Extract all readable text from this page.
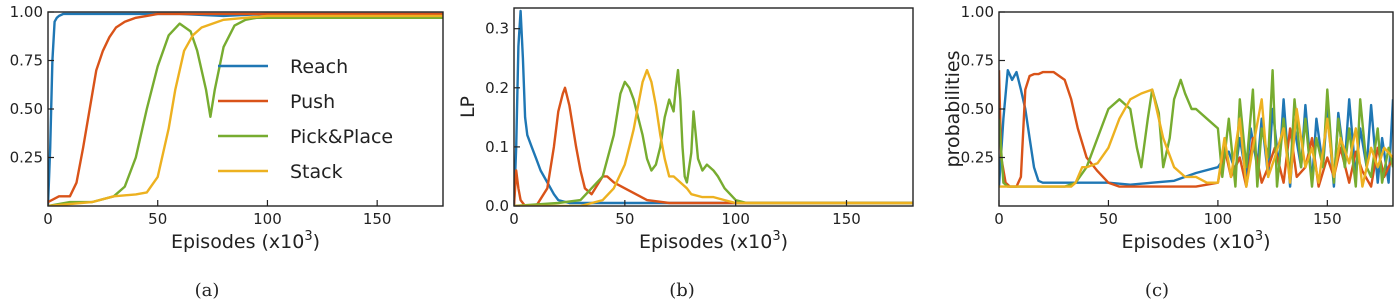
0	50	100	150
0.25
0.50
0.75
1.00
Episodes $(x10^3)$
(a)
Reach
Push
Pick&Place
Stack
0	50	100	150
0.0
0.1
0.2
0.3
Episodes $(x10^3)$
LP
(b)
0	50	100	150
0.25
0.50
0.75
1.00
Episodes $(x10^3)$
probabilities
(c)
